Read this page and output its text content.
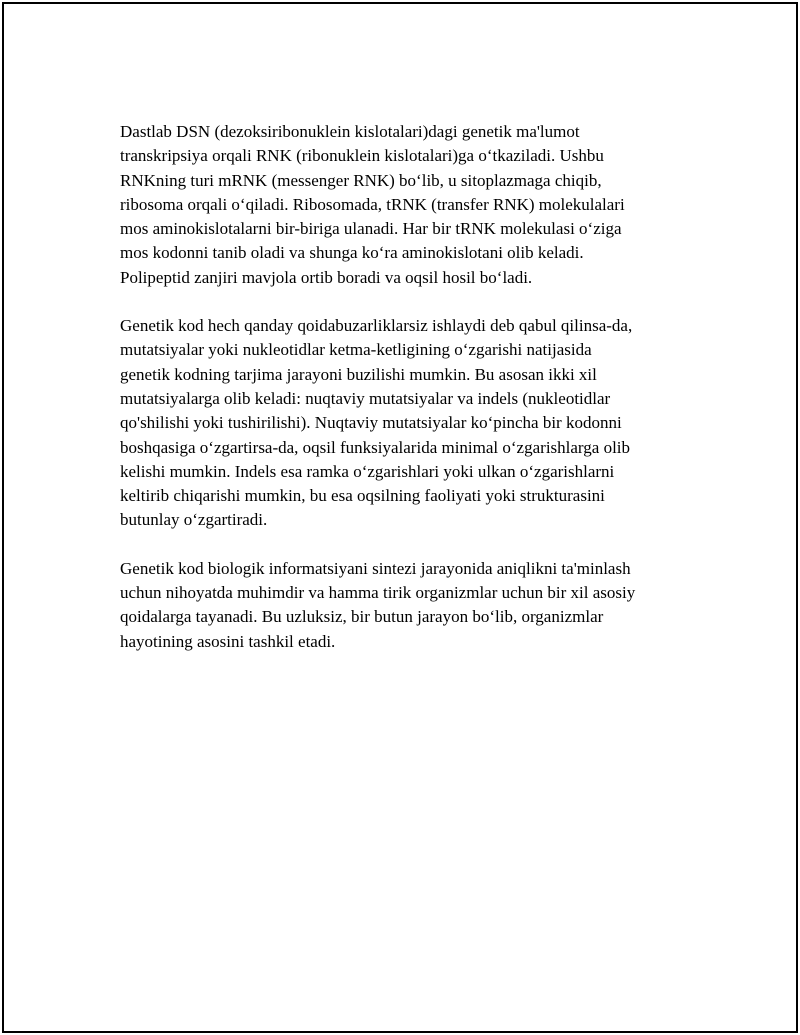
Dastlab DSN (dezoksiribonuklein kislotalari)dagi genetik ma'lumot
transkripsiya orqali RNK (ribonuklein kislotalari)ga o‘tkaziladi. Ushbu
RNKning turi mRNK (messenger RNK) bo‘lib, u sitoplazmaga chiqib,
ribosoma orqali o‘qiladi. Ribosomada, tRNK (transfer RNK) molekulalari
mos aminokislotalarni bir-biriga ulanadi. Har bir tRNK molekulasi o‘ziga
mos kodonni tanib oladi va shunga ko‘ra aminokislotani olib keladi.
Polipeptid zanjiri mavjola ortib boradi va oqsil hosil bo‘ladi.

Genetik kod hech qanday qoidabuzarliklarsiz ishlaydi deb qabul qilinsa-da,
mutatsiyalar yoki nukleotidlar ketma-ketligining o‘zgarishi natijasida
genetik kodning tarjima jarayoni buzilishi mumkin. Bu asosan ikki xil
mutatsiyalarga olib keladi: nuqtaviy mutatsiyalar va indels (nukleotidlar
qo'shilishi yoki tushirilishi). Nuqtaviy mutatsiyalar ko‘pincha bir kodonni
boshqasiga o‘zgartirsa-da, oqsil funksiyalarida minimal o‘zgarishlarga olib
kelishi mumkin. Indels esa ramka o‘zgarishlari yoki ulkan o‘zgarishlarni
keltirib chiqarishi mumkin, bu esa oqsilning faoliyati yoki strukturasini
butunlay o‘zgartiradi.

Genetik kod biologik informatsiyani sintezi jarayonida aniqlikni ta'minlash
uchun nihoyatda muhimdir va hamma tirik organizmlar uchun bir xil asosiy
qoidalarga tayanadi. Bu uzluksiz, bir butun jarayon bo‘lib, organizmlar
hayotining asosini tashkil etadi.
